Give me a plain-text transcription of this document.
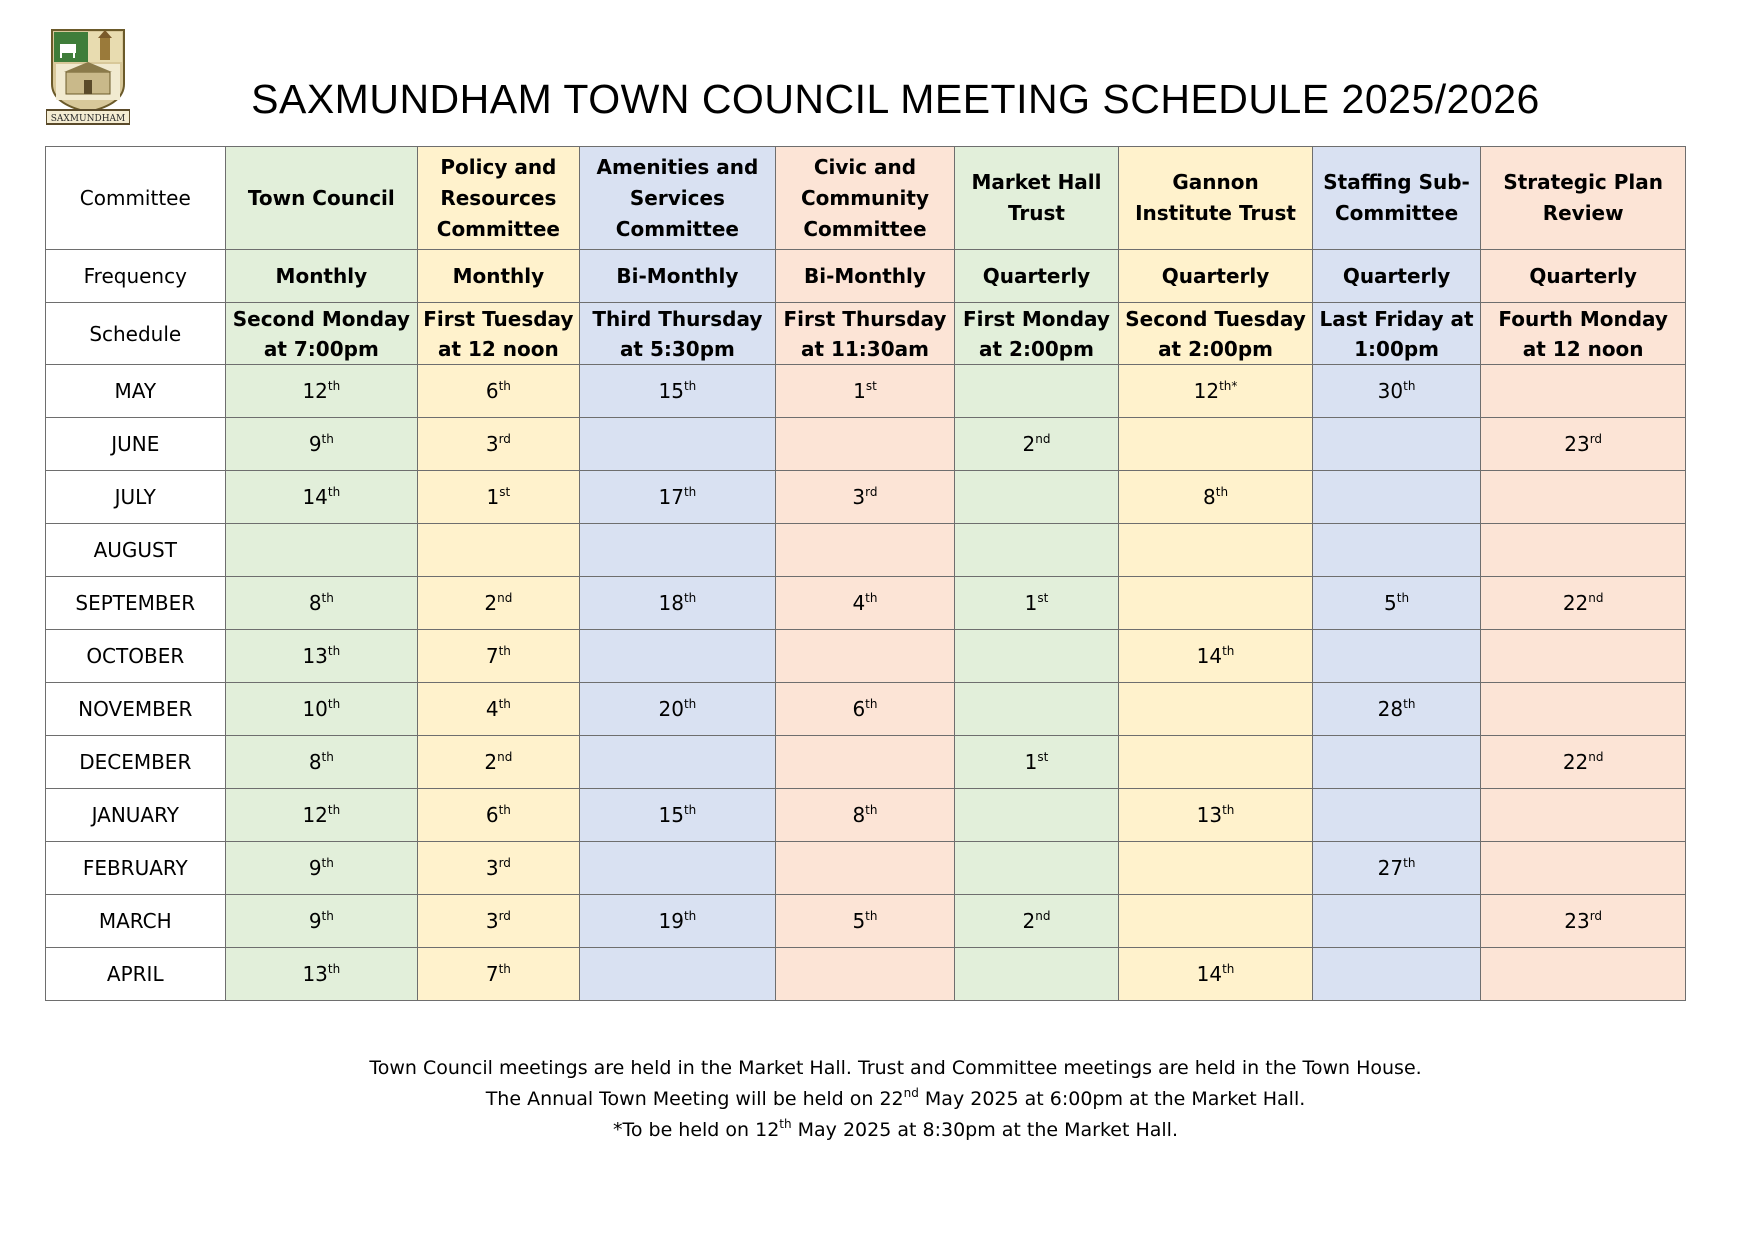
SAXMUNDHAM	SAXMUNDHAM TOWN COUNCIL MEETING SCHEDULE 2025/2026
Committee	Town Council	Policy and Resources Committee	Amenities and Services Committee	Civic and Community Committee	Market Hall Trust	Gannon Institute Trust	Staffing Sub-Committee	Strategic Plan Review
Frequency	Monthly	Monthly	Bi-Monthly	Bi-Monthly	Quarterly	Quarterly	Quarterly	Quarterly
Schedule	Second Monday at 7:00pm	First Tuesday at 12 noon	Third Thursday at 5:30pm	First Thursday at 11:30am	First Monday at 2:00pm	Second Tuesday at 2:00pm	Last Friday at 1:00pm	Fourth Monday at 12 noon
MAY	12th	6th	15th	1st		$12^{th*}$	30th	
JUNE	9th	3rd			2nd			23rd
JULY	14th	1st	17th	3rd		8th		
AUGUST								
SEPTEMBER	8th	2nd	18th	4th	1st		5th	22nd
OCTOBER	13th	7th				14th		
NOVEMBER	10th	4th	20th	6th			28th	
DECEMBER	8th	2nd			1st			22nd
JANUARY	12th	6th	15th	8th		13th		
FEBRUARY	9th	3rd					27th	
MARCH	9th	3rd	19th	5th	2nd			23rd
APRIL	13th	7th				14th		
Town Council meetings are held in the Market Hall. Trust and Committee meetings are held in the Town House.
The Annual Town Meeting will be held on 22nd May 2025 at 6:00pm at the Market Hall.
*To be held on 12th May 2025 at 8:30pm at the Market Hall.
